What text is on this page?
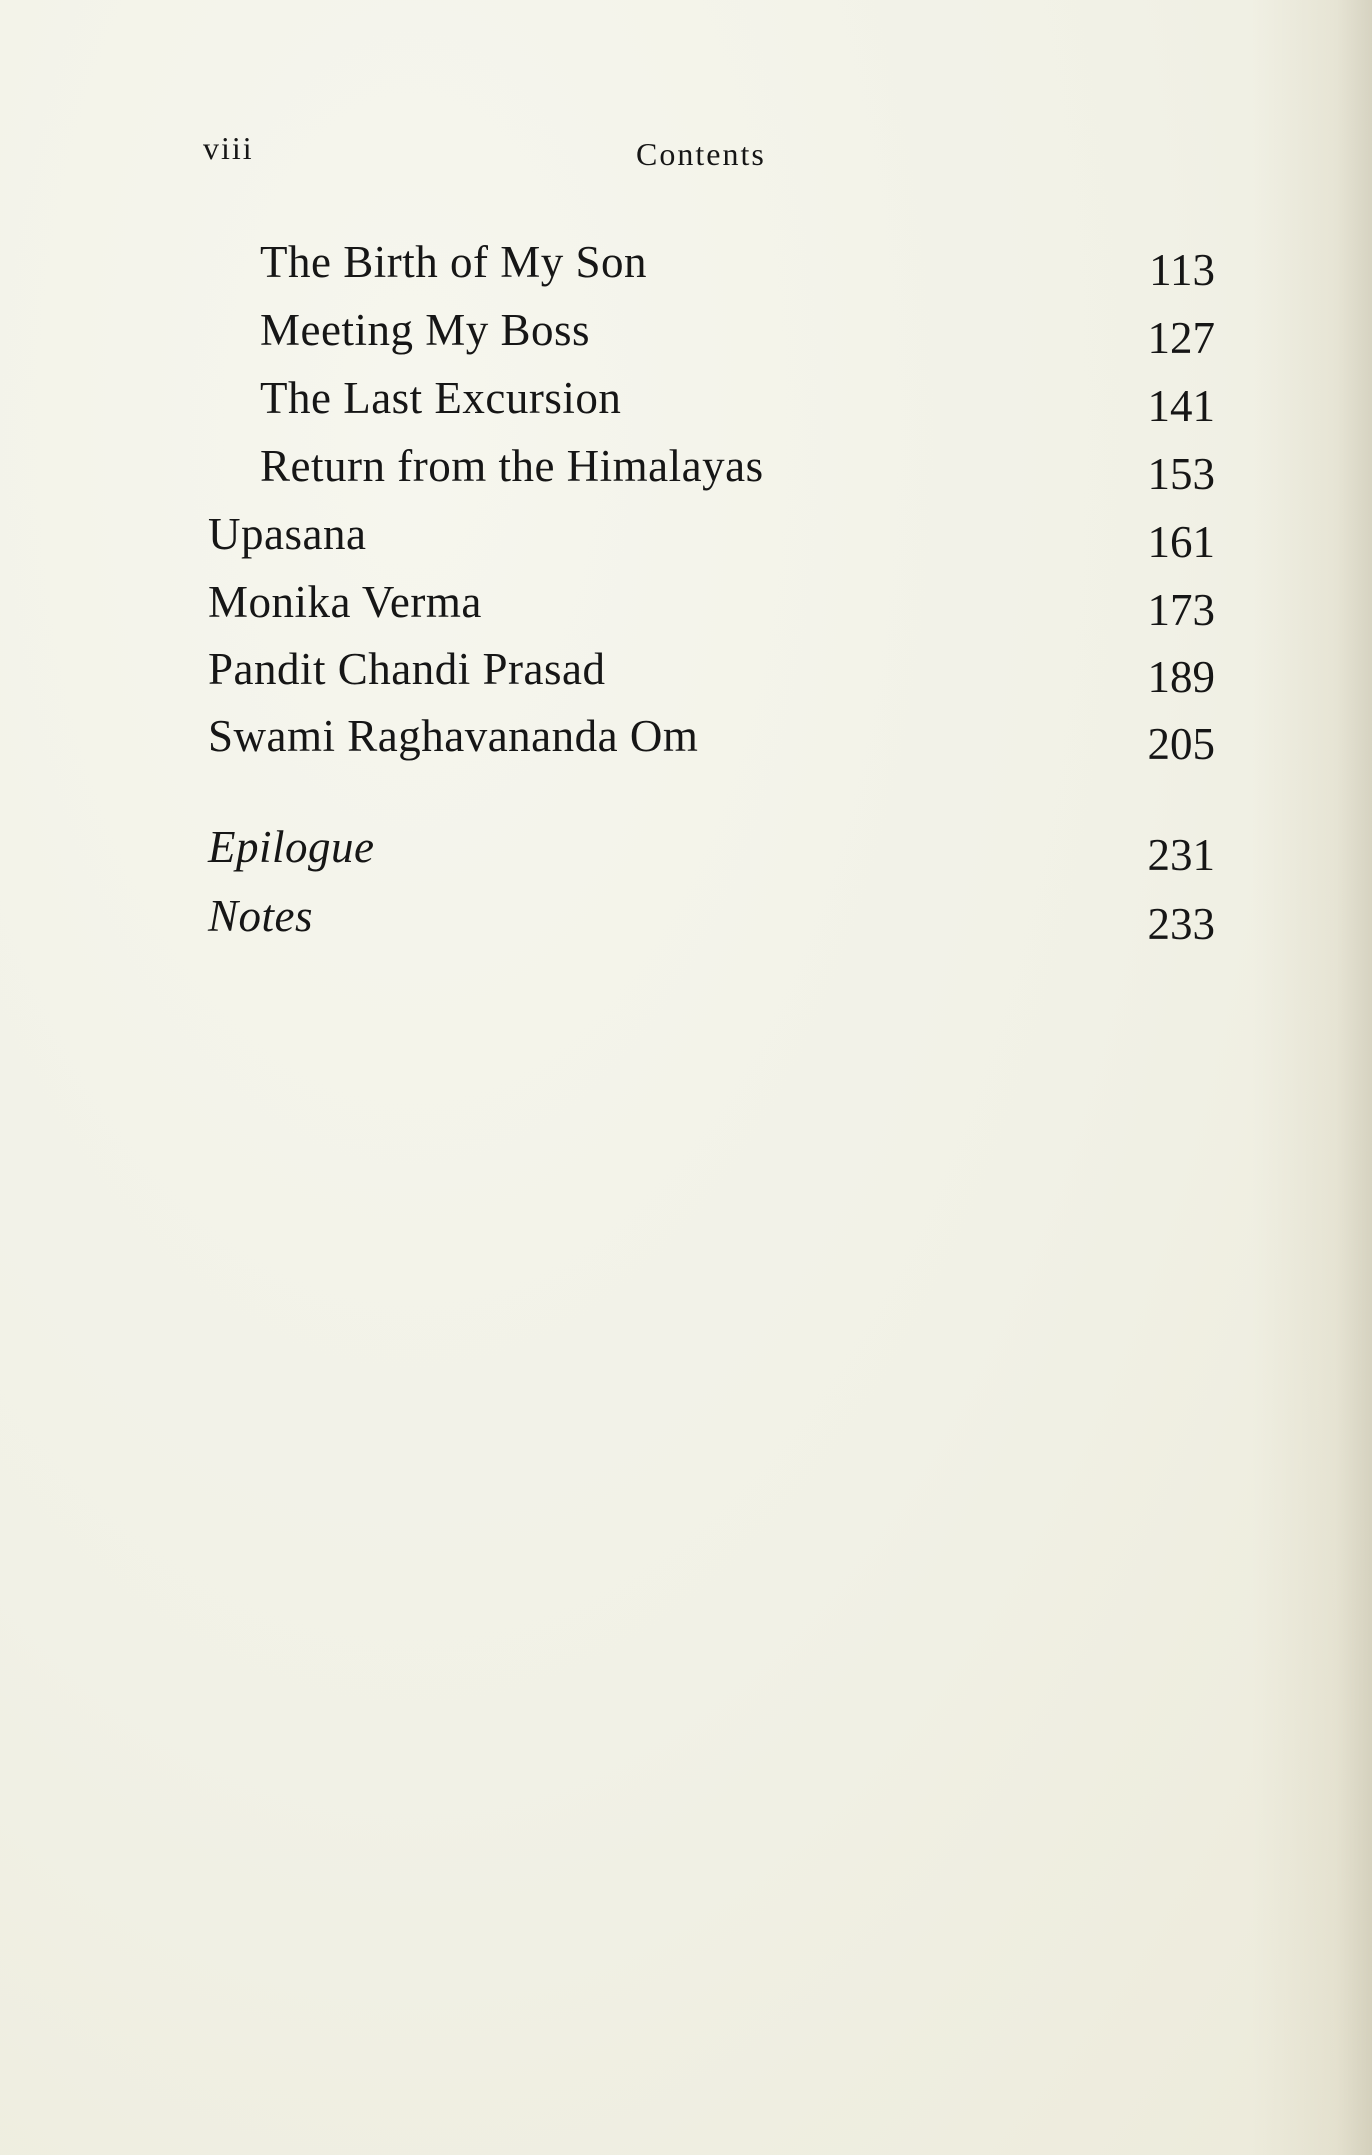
viii	Contents
The Birth of My Son	113
Meeting My Boss	127
The Last Excursion	141
Return from the Himalayas	153
Upasana	161
Monika Verma	173
Pandit Chandi Prasad	189
Swami Raghavananda Om	205
Epilogue	231
Notes	233
